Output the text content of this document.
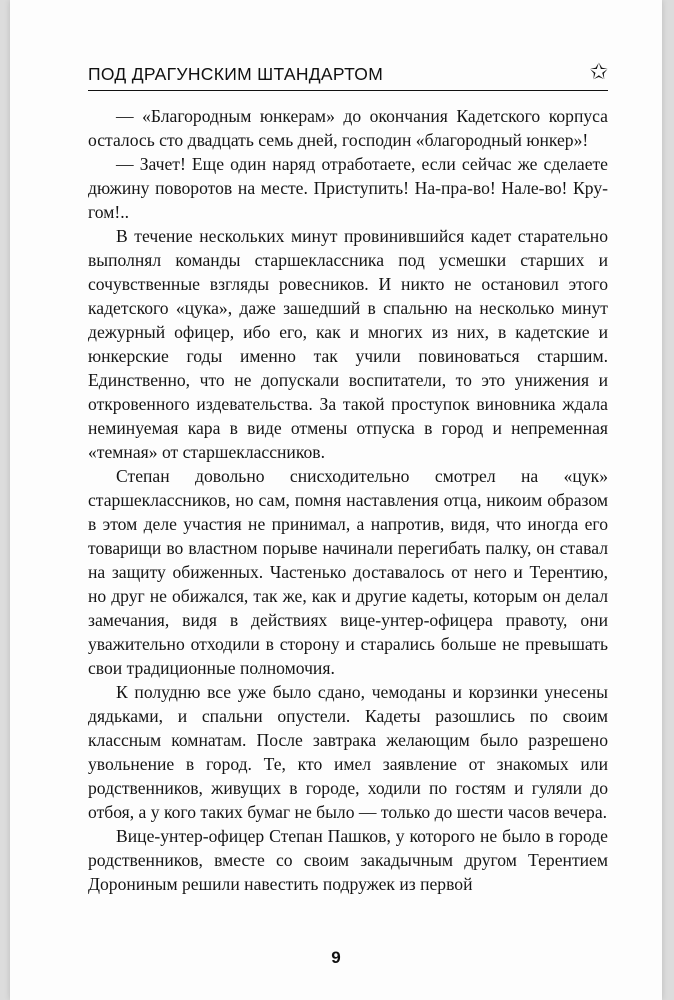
ПОД ДРАГУНСКИМ ШТАНДАРТОМ	✩

— «Благородным юнкерам» до окончания Кадетского корпуса осталось сто двадцать семь дней, господин «благородный юнкер»!

— Зачет! Еще один наряд отработаете, если сейчас же сделаете дюжину поворотов на месте. Приступить! На-пра-во! Нале-во! Кру-гом!..

В течение нескольких минут провинившийся кадет старательно выполнял команды старшеклассника под усмешки старших и сочувственные взгляды ровесников. И никто не остановил этого кадетского «цука», даже зашедший в спальню на несколько минут дежурный офицер, ибо его, как и многих из них, в кадетские и юнкерские годы именно так учили повиноваться старшим. Единственно, что не допускали воспитатели, то это унижения и откровенного издевательства. За такой проступок виновника ждала неминуемая кара в виде отмены отпуска в город и непременная «темная» от старшеклассников.

Степан довольно снисходительно смотрел на «цук» старшеклассников, но сам, помня наставления отца, никоим образом в этом деле участия не принимал, а напротив, видя, что иногда его товарищи во властном порыве начинали перегибать палку, он ставал на защиту обиженных. Частенько доставалось от него и Терентию, но друг не обижался, так же, как и другие кадеты, которым он делал замечания, видя в действиях вице-унтер-офицера правоту, они уважительно отходили в сторону и старались больше не превышать свои традиционные полномочия.

К полудню все уже было сдано, чемоданы и корзинки унесены дядьками, и спальни опустели. Кадеты разошлись по своим классным комнатам. После завтрака желающим было разрешено увольнение в город. Те, кто имел заявление от знакомых или родственников, живущих в городе, ходили по гостям и гуляли до отбоя, а у кого таких бумаг не было — только до шести часов вечера.

Вице-унтер-офицер Степан Пашков, у которого не было в городе родственников, вместе со своим закадычным другом Терентием Дорониным решили навестить подружек из первой

9
